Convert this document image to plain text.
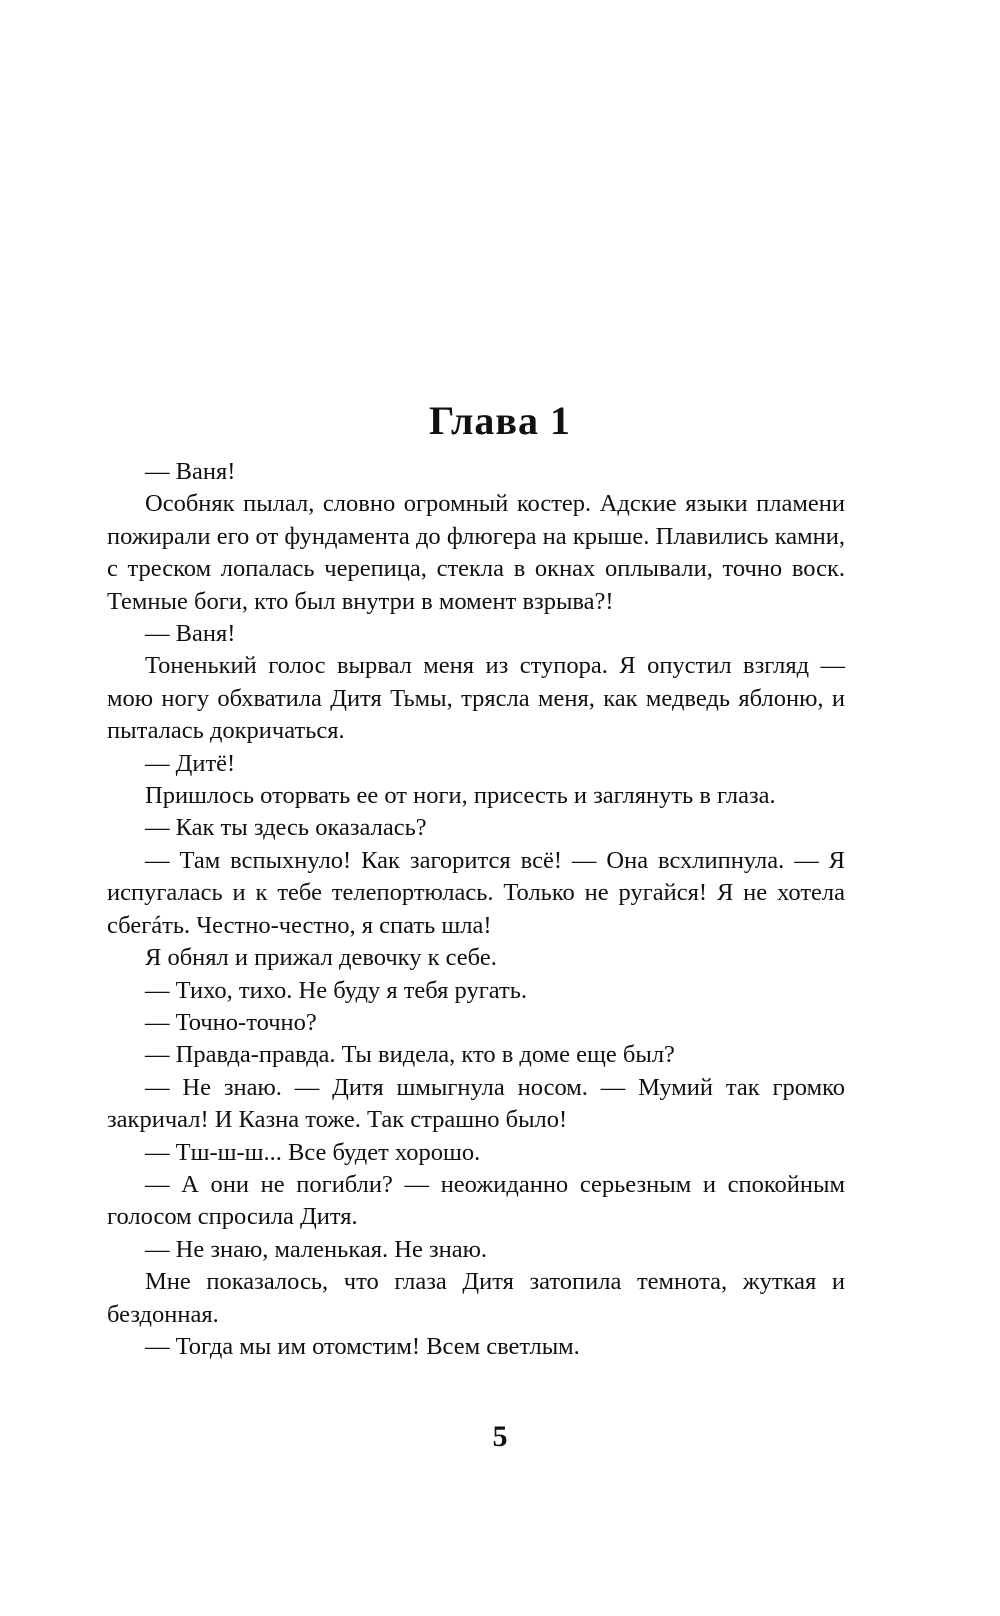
Глава 1

— Ваня!

Особняк пылал, словно огромный костер. Адские языки пламени пожирали его от фундамента до флюгера на крыше. Плавились камни, с треском лопалась черепица, стекла в окнах оплывали, точно воск. Темные боги, кто был внутри в момент взрыва?!

— Ваня!

Тоненький голос вырвал меня из ступора. Я опустил взгляд — мою ногу обхватила Дитя Тьмы, трясла меня, как медведь яблоню, и пыталась докричаться.

— Дитё!

Пришлось оторвать ее от ноги, присесть и заглянуть в глаза.

— Как ты здесь оказалась?

— Там вспыхнуло! Как загорится всё! — Она всхлипнула. — Я испугалась и к тебе телепортюлась. Только не ругайся! Я не хотела сбегáть. Честно-честно, я спать шла!

Я обнял и прижал девочку к себе.

— Тихо, тихо. Не буду я тебя ругать.

— Точно-точно?

— Правда-правда. Ты видела, кто в доме еще был?

— Не знаю. — Дитя шмыгнула носом. — Мумий так громко закричал! И Казна тоже. Так страшно было!

— Тш-ш-ш... Все будет хорошо.

— А они не погибли? — неожиданно серьезным и спокойным голосом спросила Дитя.

— Не знаю, маленькая. Не знаю.

Мне показалось, что глаза Дитя затопила темнота, жуткая и бездонная.

— Тогда мы им отомстим! Всем светлым.

5
